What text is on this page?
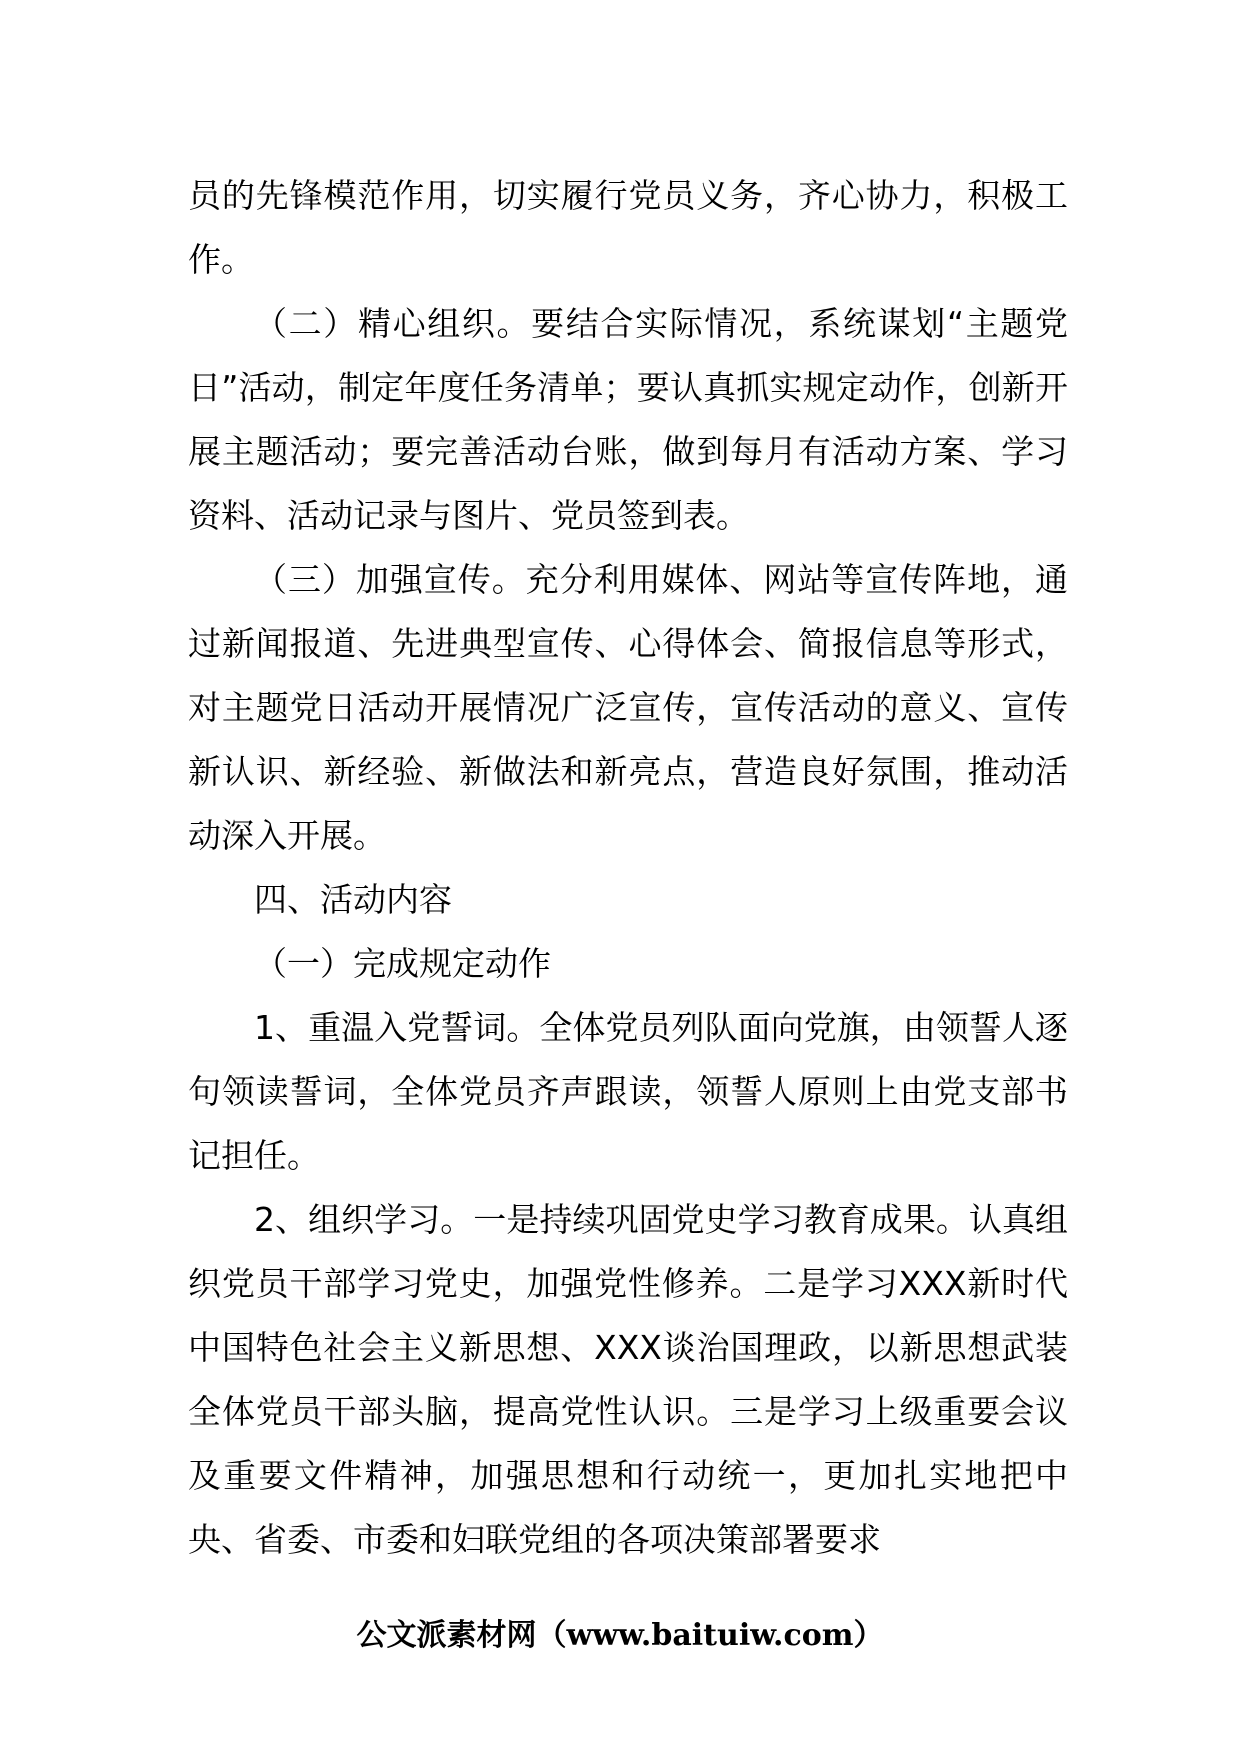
员的先锋模范作用，切实履行党员义务，齐心协力，积极工作。

（二）精心组织。要结合实际情况，系统谋划“主题党日”活动，制定年度任务清单；要认真抓实规定动作，创新开展主题活动；要完善活动台账，做到每月有活动方案、学习资料、活动记录与图片、党员签到表。

（三）加强宣传。充分利用媒体、网站等宣传阵地，通过新闻报道、先进典型宣传、心得体会、简报信息等形式，对主题党日活动开展情况广泛宣传，宣传活动的意义、宣传新认识、新经验、新做法和新亮点，营造良好氛围，推动活动深入开展。

四、活动内容

（一）完成规定动作

1、重温入党誓词。全体党员列队面向党旗，由领誓人逐句领读誓词，全体党员齐声跟读，领誓人原则上由党支部书记担任。

2、组织学习。一是持续巩固党史学习教育成果。认真组织党员干部学习党史，加强党性修养。二是学习XXX新时代中国特色社会主义新思想、XXX谈治国理政，以新思想武装全体党员干部头脑，提高党性认识。三是学习上级重要会议及重要文件精神，加强思想和行动统一，更加扎实地把中央、省委、市委和妇联党组的各项决策部署要求

公文派素材网（www.baituiw.com）
